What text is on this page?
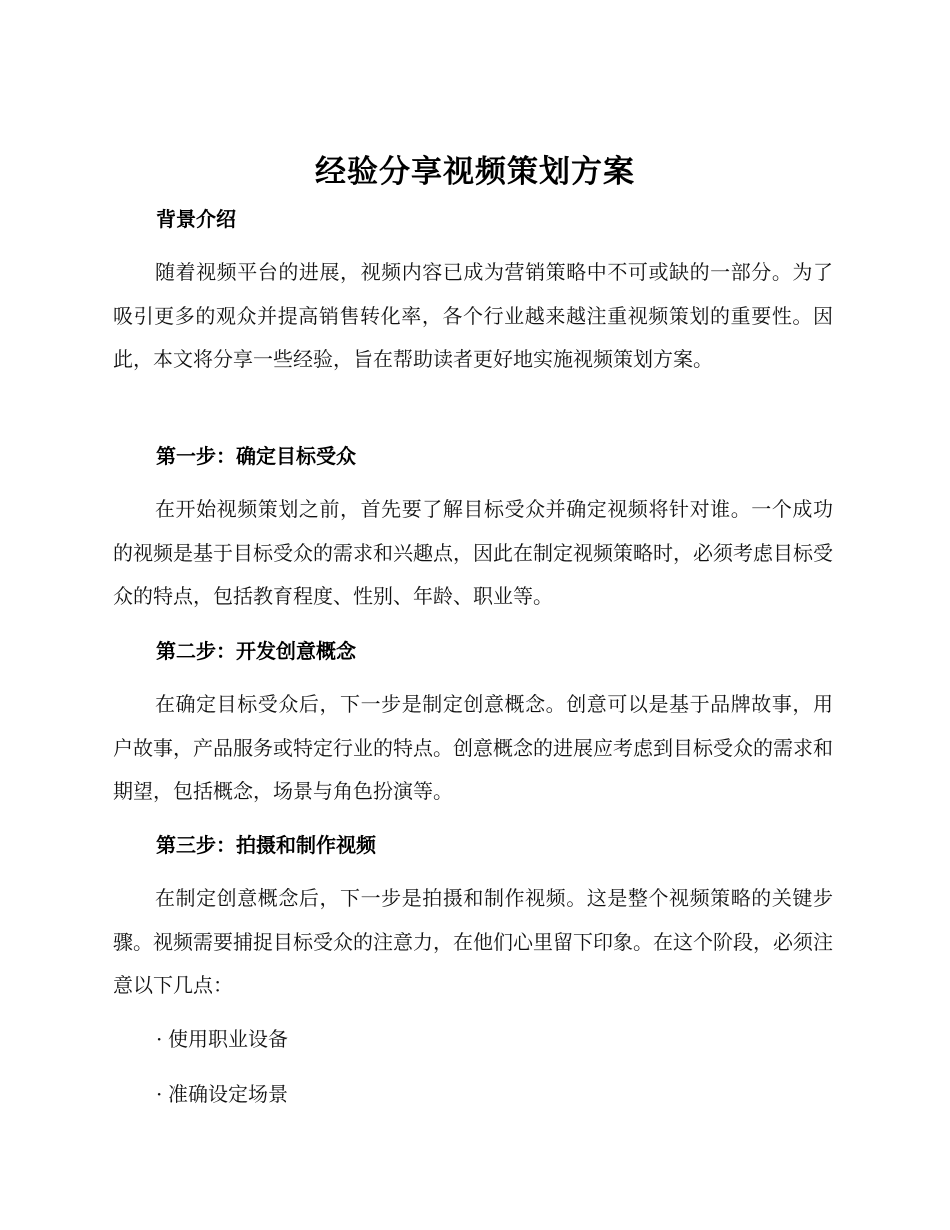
经验分享视频策划方案
背景介绍

随着视频平台的进展，视频内容已成为营销策略中不可或缺的一部分。为了吸引更多的观众并提高销售转化率，各个行业越来越注重视频策划的重要性。因此，本文将分享一些经验，旨在帮助读者更好地实施视频策划方案。

第一步：确定目标受众

在开始视频策划之前，首先要了解目标受众并确定视频将针对谁。一个成功的视频是基于目标受众的需求和兴趣点，因此在制定视频策略时，必须考虑目标受众的特点，包括教育程度、性别、年龄、职业等。

第二步：开发创意概念

在确定目标受众后，下一步是制定创意概念。创意可以是基于品牌故事，用户故事，产品服务或特定行业的特点。创意概念的进展应考虑到目标受众的需求和期望，包括概念，场景与角色扮演等。

第三步：拍摄和制作视频

在制定创意概念后，下一步是拍摄和制作视频。这是整个视频策略的关键步骤。视频需要捕捉目标受众的注意力，在他们心里留下印象。在这个阶段，必须注意以下几点：

· 使用职业设备
· 准确设定场景
